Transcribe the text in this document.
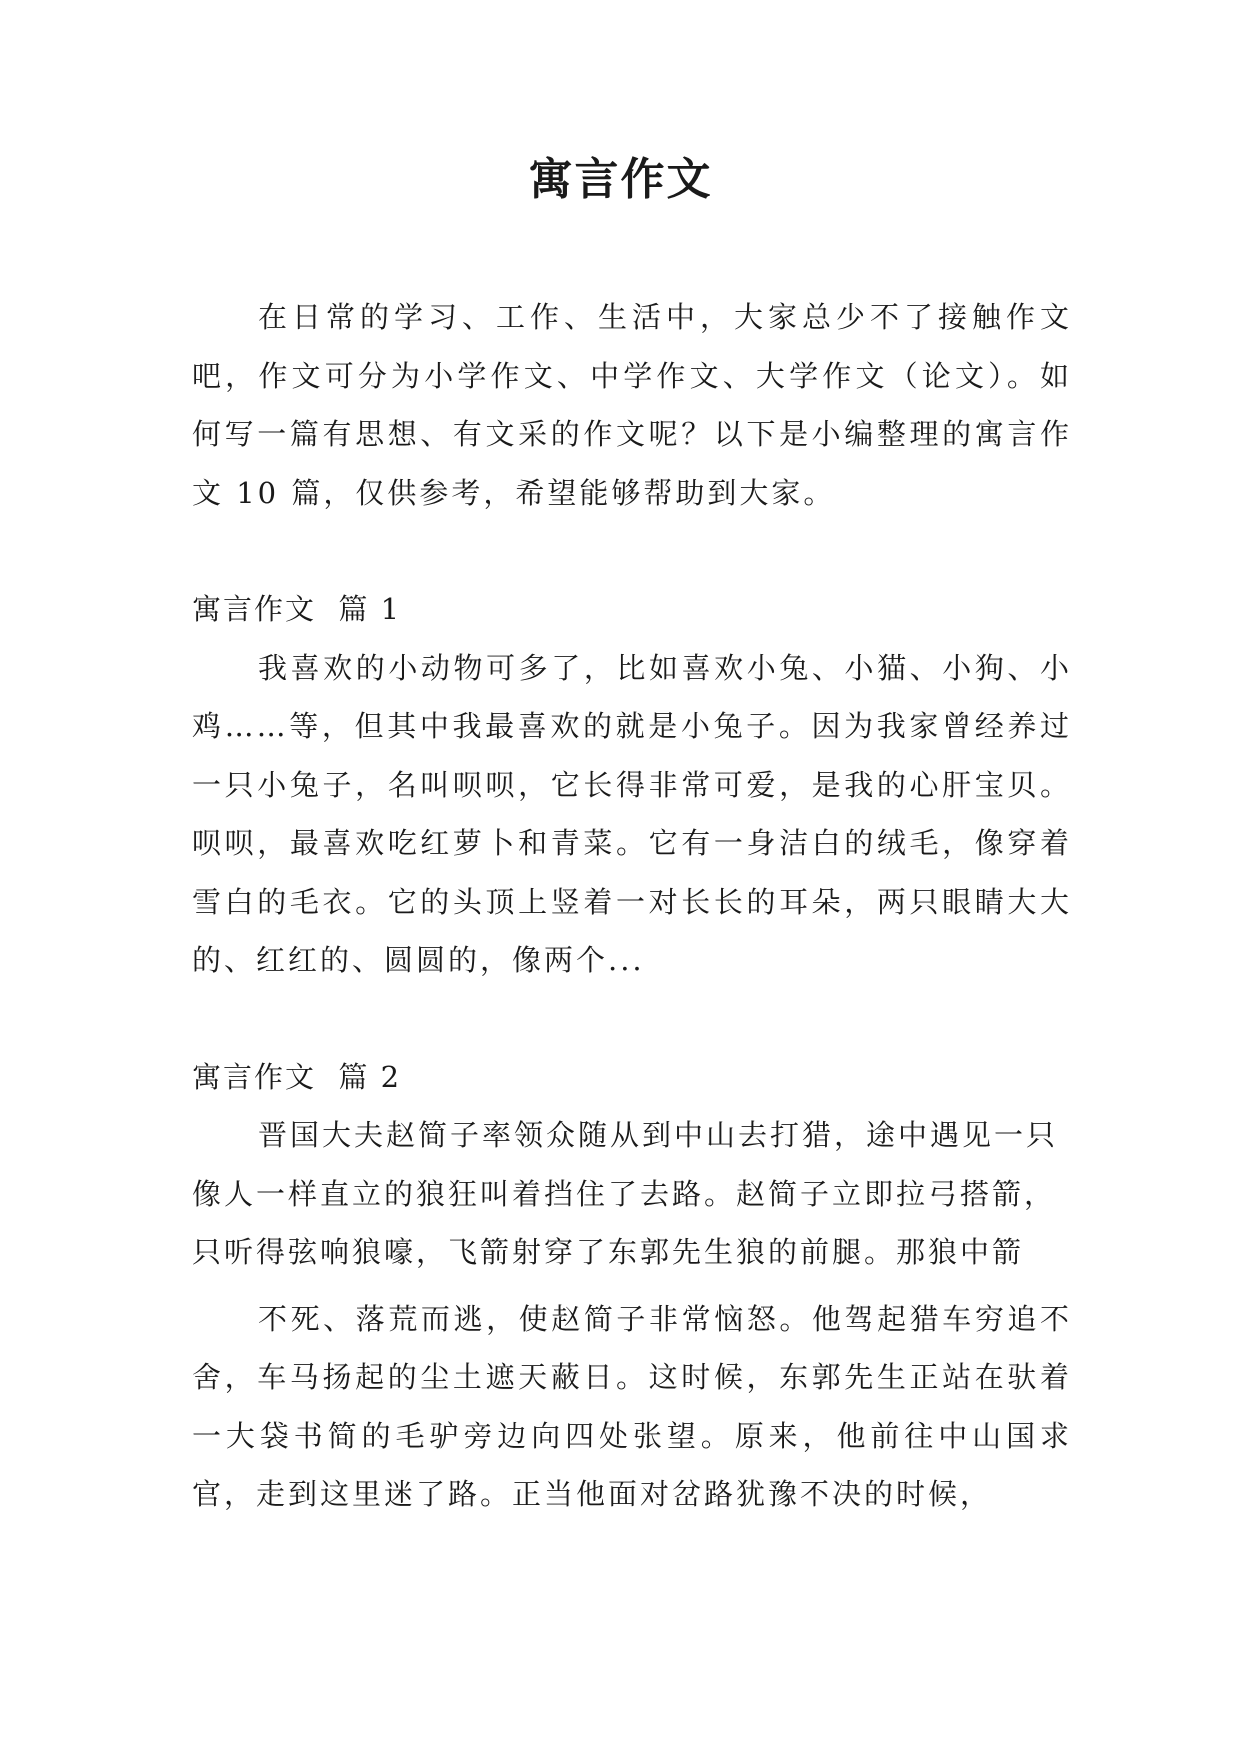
寓言作文

在日常的学习、工作、生活中，大家总少不了接触作文吧，作文可分为小学作文、中学作文、大学作文（论文）。如何写一篇有思想、有文采的作文呢？以下是小编整理的寓言作文 10 篇，仅供参考，希望能够帮助到大家。

寓言作文  篇 1

我喜欢的小动物可多了，比如喜欢小兔、小猫、小狗、小鸡……等，但其中我最喜欢的就是小兔子。因为我家曾经养过一只小兔子，名叫呗呗，它长得非常可爱，是我的心肝宝贝。呗呗，最喜欢吃红萝卜和青菜。它有一身洁白的绒毛，像穿着雪白的毛衣。它的头顶上竖着一对长长的耳朵，两只眼睛大大的、红红的、圆圆的，像两个...

寓言作文  篇 2

晋国大夫赵简子率领众随从到中山去打猎，途中遇见一只像人一样直立的狼狂叫着挡住了去路。赵简子立即拉弓搭箭，只听得弦响狼嚎，飞箭射穿了东郭先生狼的前腿。那狼中箭

不死、落荒而逃，使赵简子非常恼怒。他驾起猎车穷追不舍，车马扬起的尘土遮天蔽日。这时候，东郭先生正站在驮着一大袋书简的毛驴旁边向四处张望。原来，他前往中山国求官，走到这里迷了路。正当他面对岔路犹豫不决的时候，
